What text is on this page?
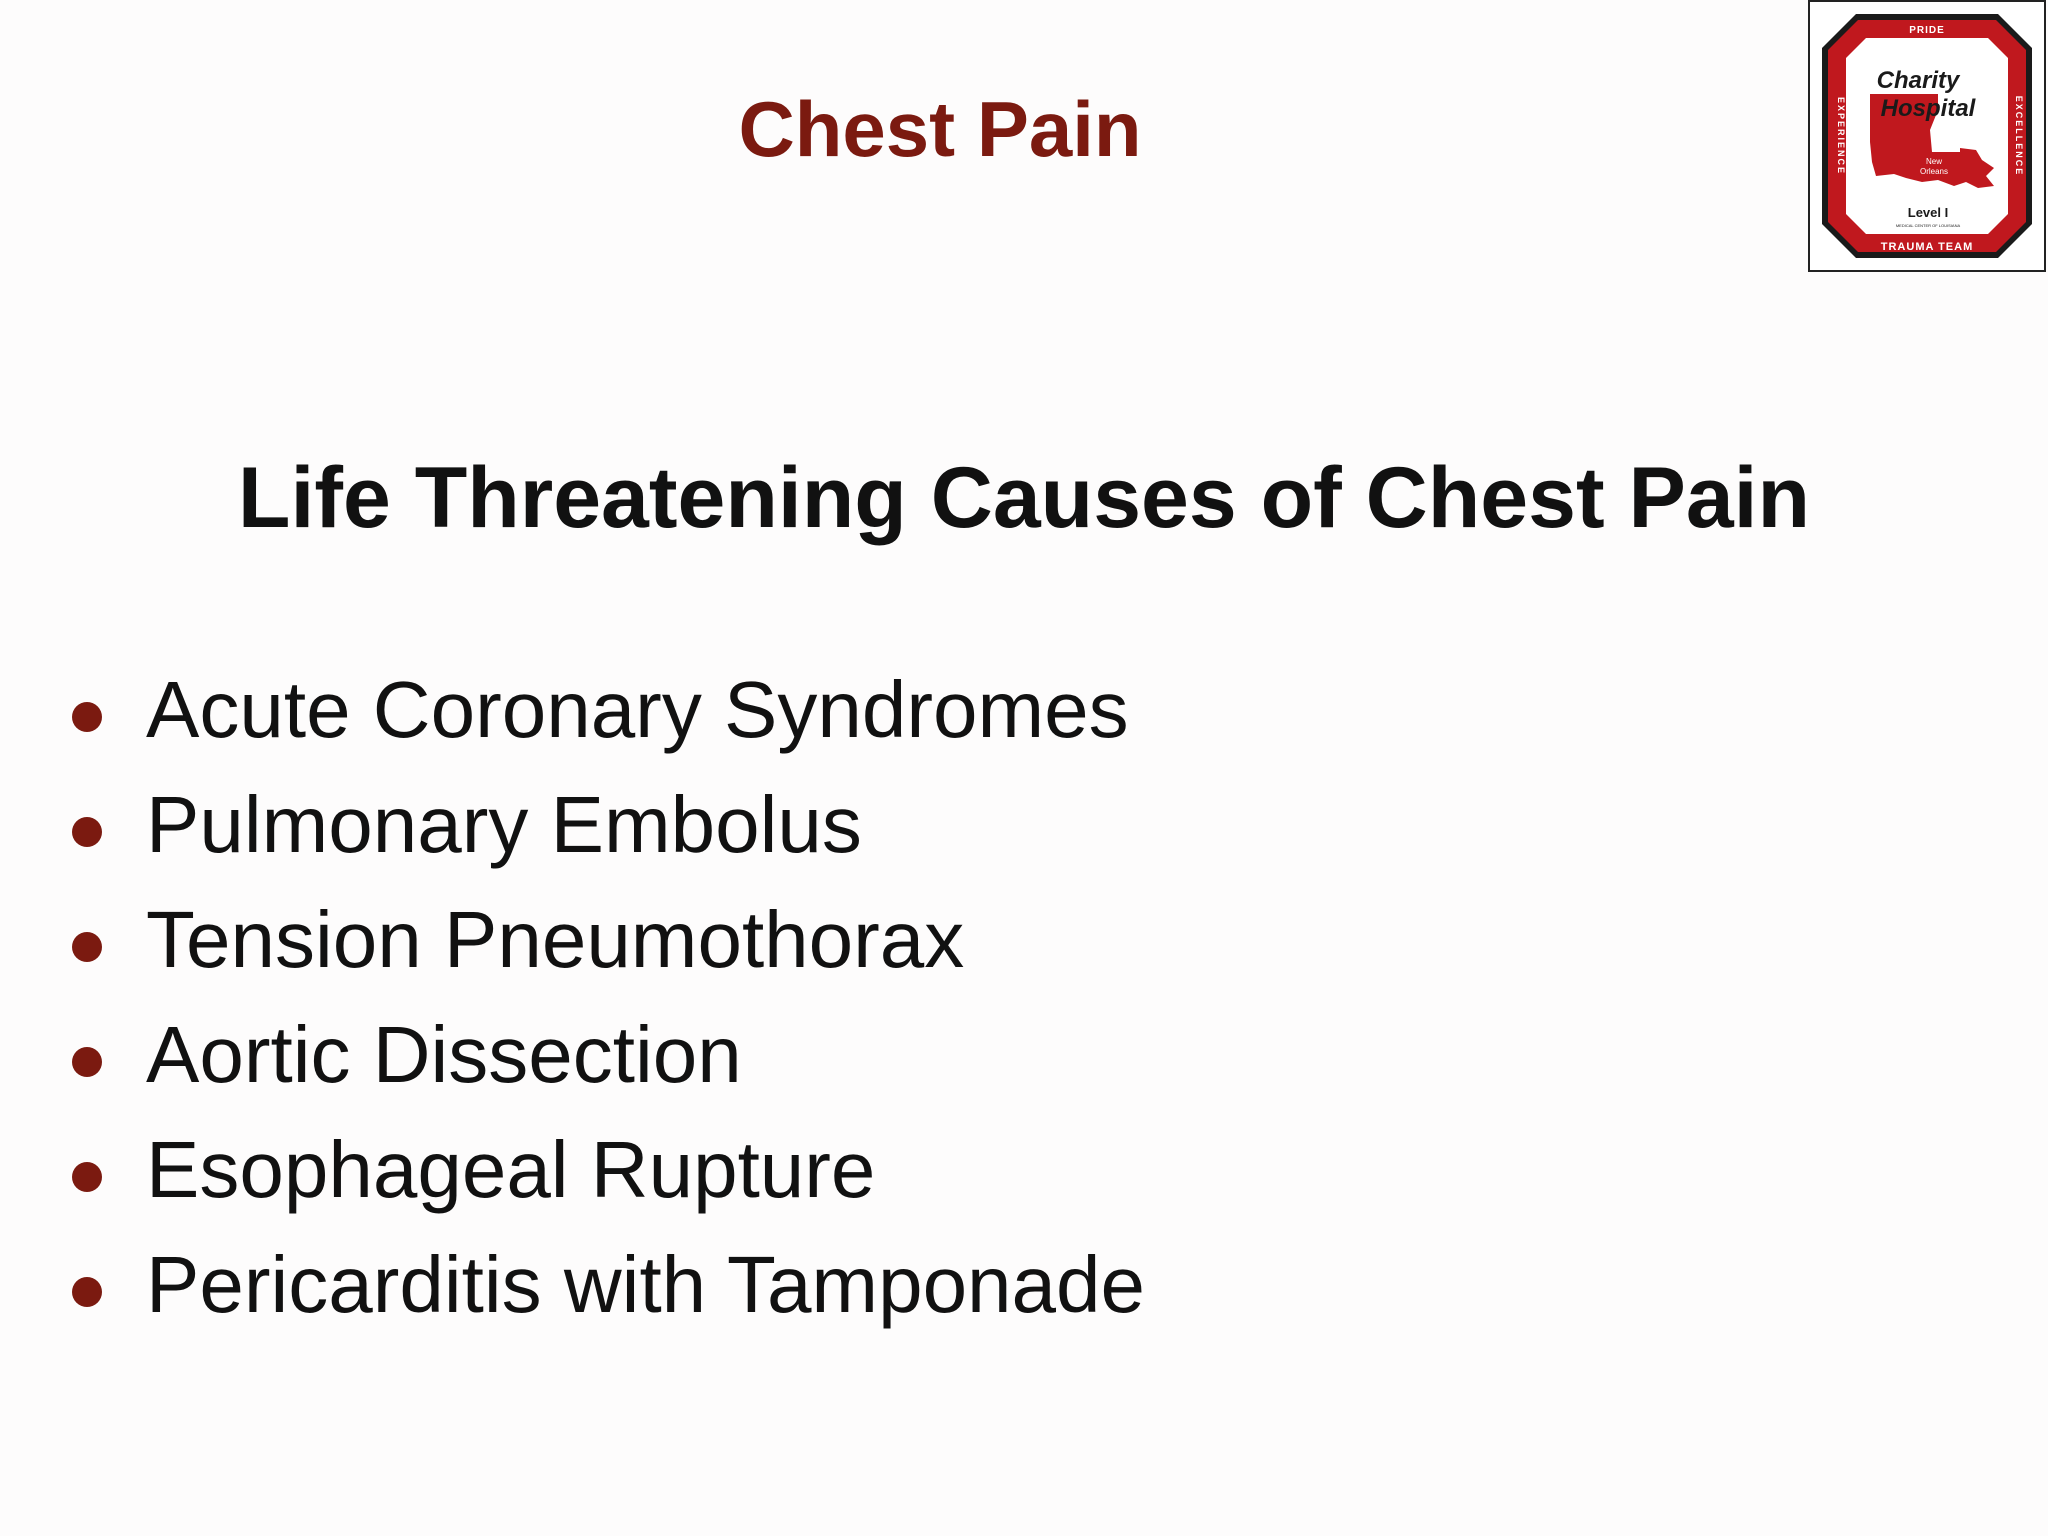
Chest Pain
PRIDE
TRAUMA TEAM
EXPERIENCE	EXCELLENCE
Charity
Hospital
New
Orleans
Level I
MEDICAL CENTER OF LOUISIANA
Life Threatening Causes of Chest Pain
Acute Coronary Syndromes
Pulmonary Embolus
Tension Pneumothorax
Aortic Dissection
Esophageal Rupture
Pericarditis with Tamponade
